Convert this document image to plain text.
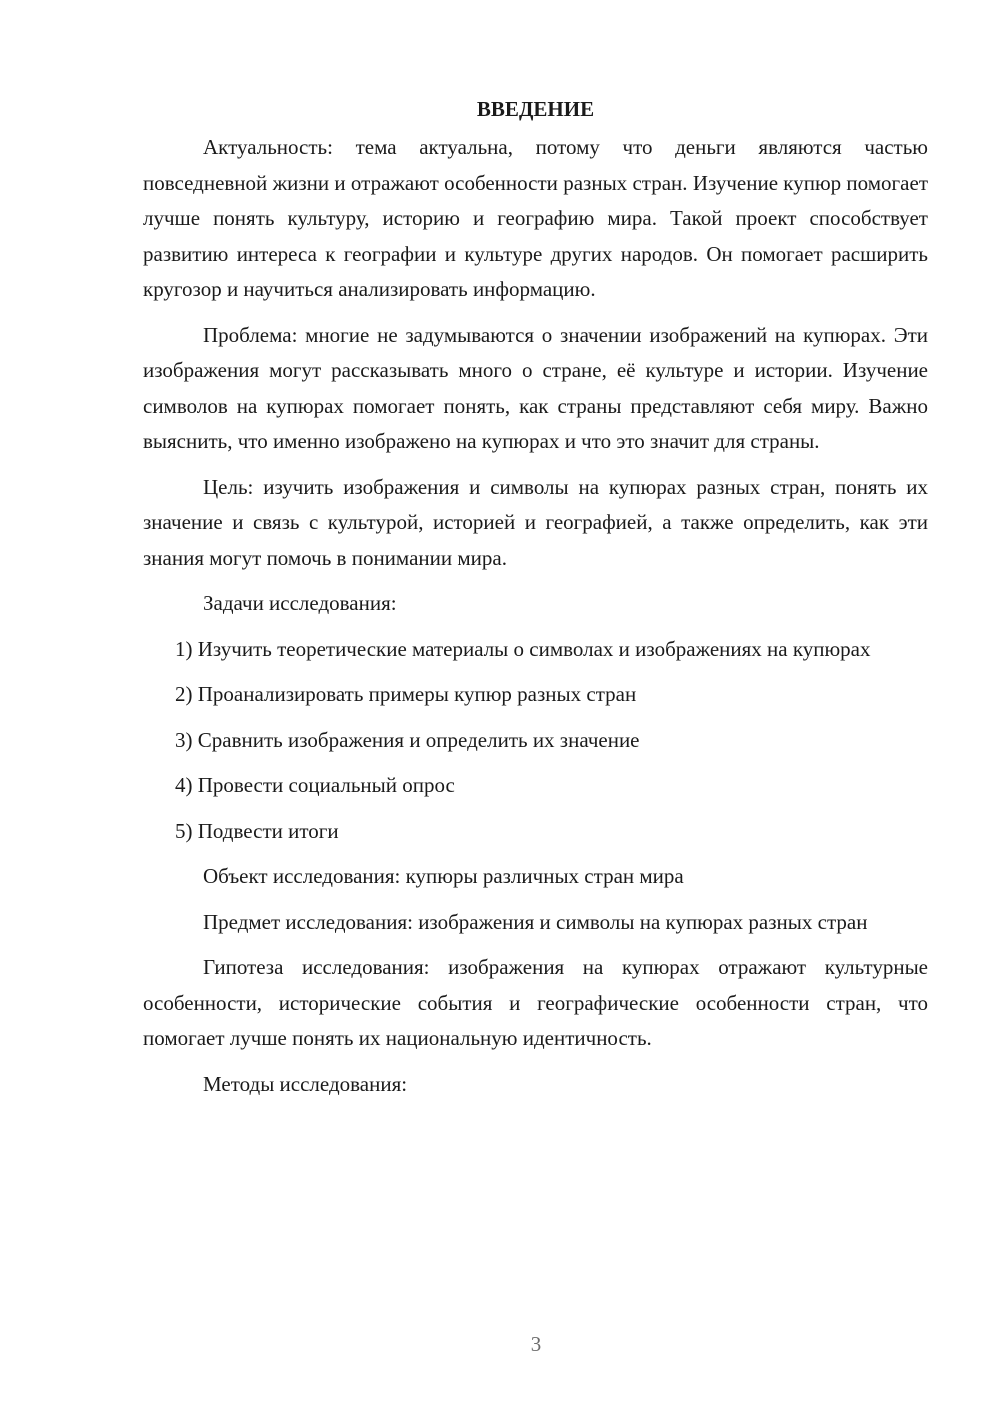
ВВЕДЕНИЕ

Актуальность: тема актуальна, потому что деньги являются частью повседневной жизни и отражают особенности разных стран. Изучение купюр помогает лучше понять культуру, историю и географию мира. Такой проект способствует развитию интереса к географии и культуре других народов. Он помогает расширить кругозор и научиться анализировать информацию.

Проблема: многие не задумываются о значении изображений на купюрах. Эти изображения могут рассказывать много о стране, её культуре и истории. Изучение символов на купюрах помогает понять, как страны представляют себя миру. Важно выяснить, что именно изображено на купюрах и что это значит для страны.

Цель: изучить изображения и символы на купюрах разных стран, понять их значение и связь с культурой, историей и географией, а также определить, как эти знания могут помочь в понимании мира.

Задачи исследования:

1) Изучить теоретические материалы о символах и изображениях на купюрах

2) Проанализировать примеры купюр разных стран

3) Сравнить изображения и определить их значение

4) Провести социальный опрос

5) Подвести итоги

Объект исследования: купюры различных стран мира

Предмет исследования: изображения и символы на купюрах разных стран

Гипотеза исследования: изображения на купюрах отражают культурные особенности, исторические события и географические особенности стран, что помогает лучше понять их национальную идентичность.

Методы исследования:

3
